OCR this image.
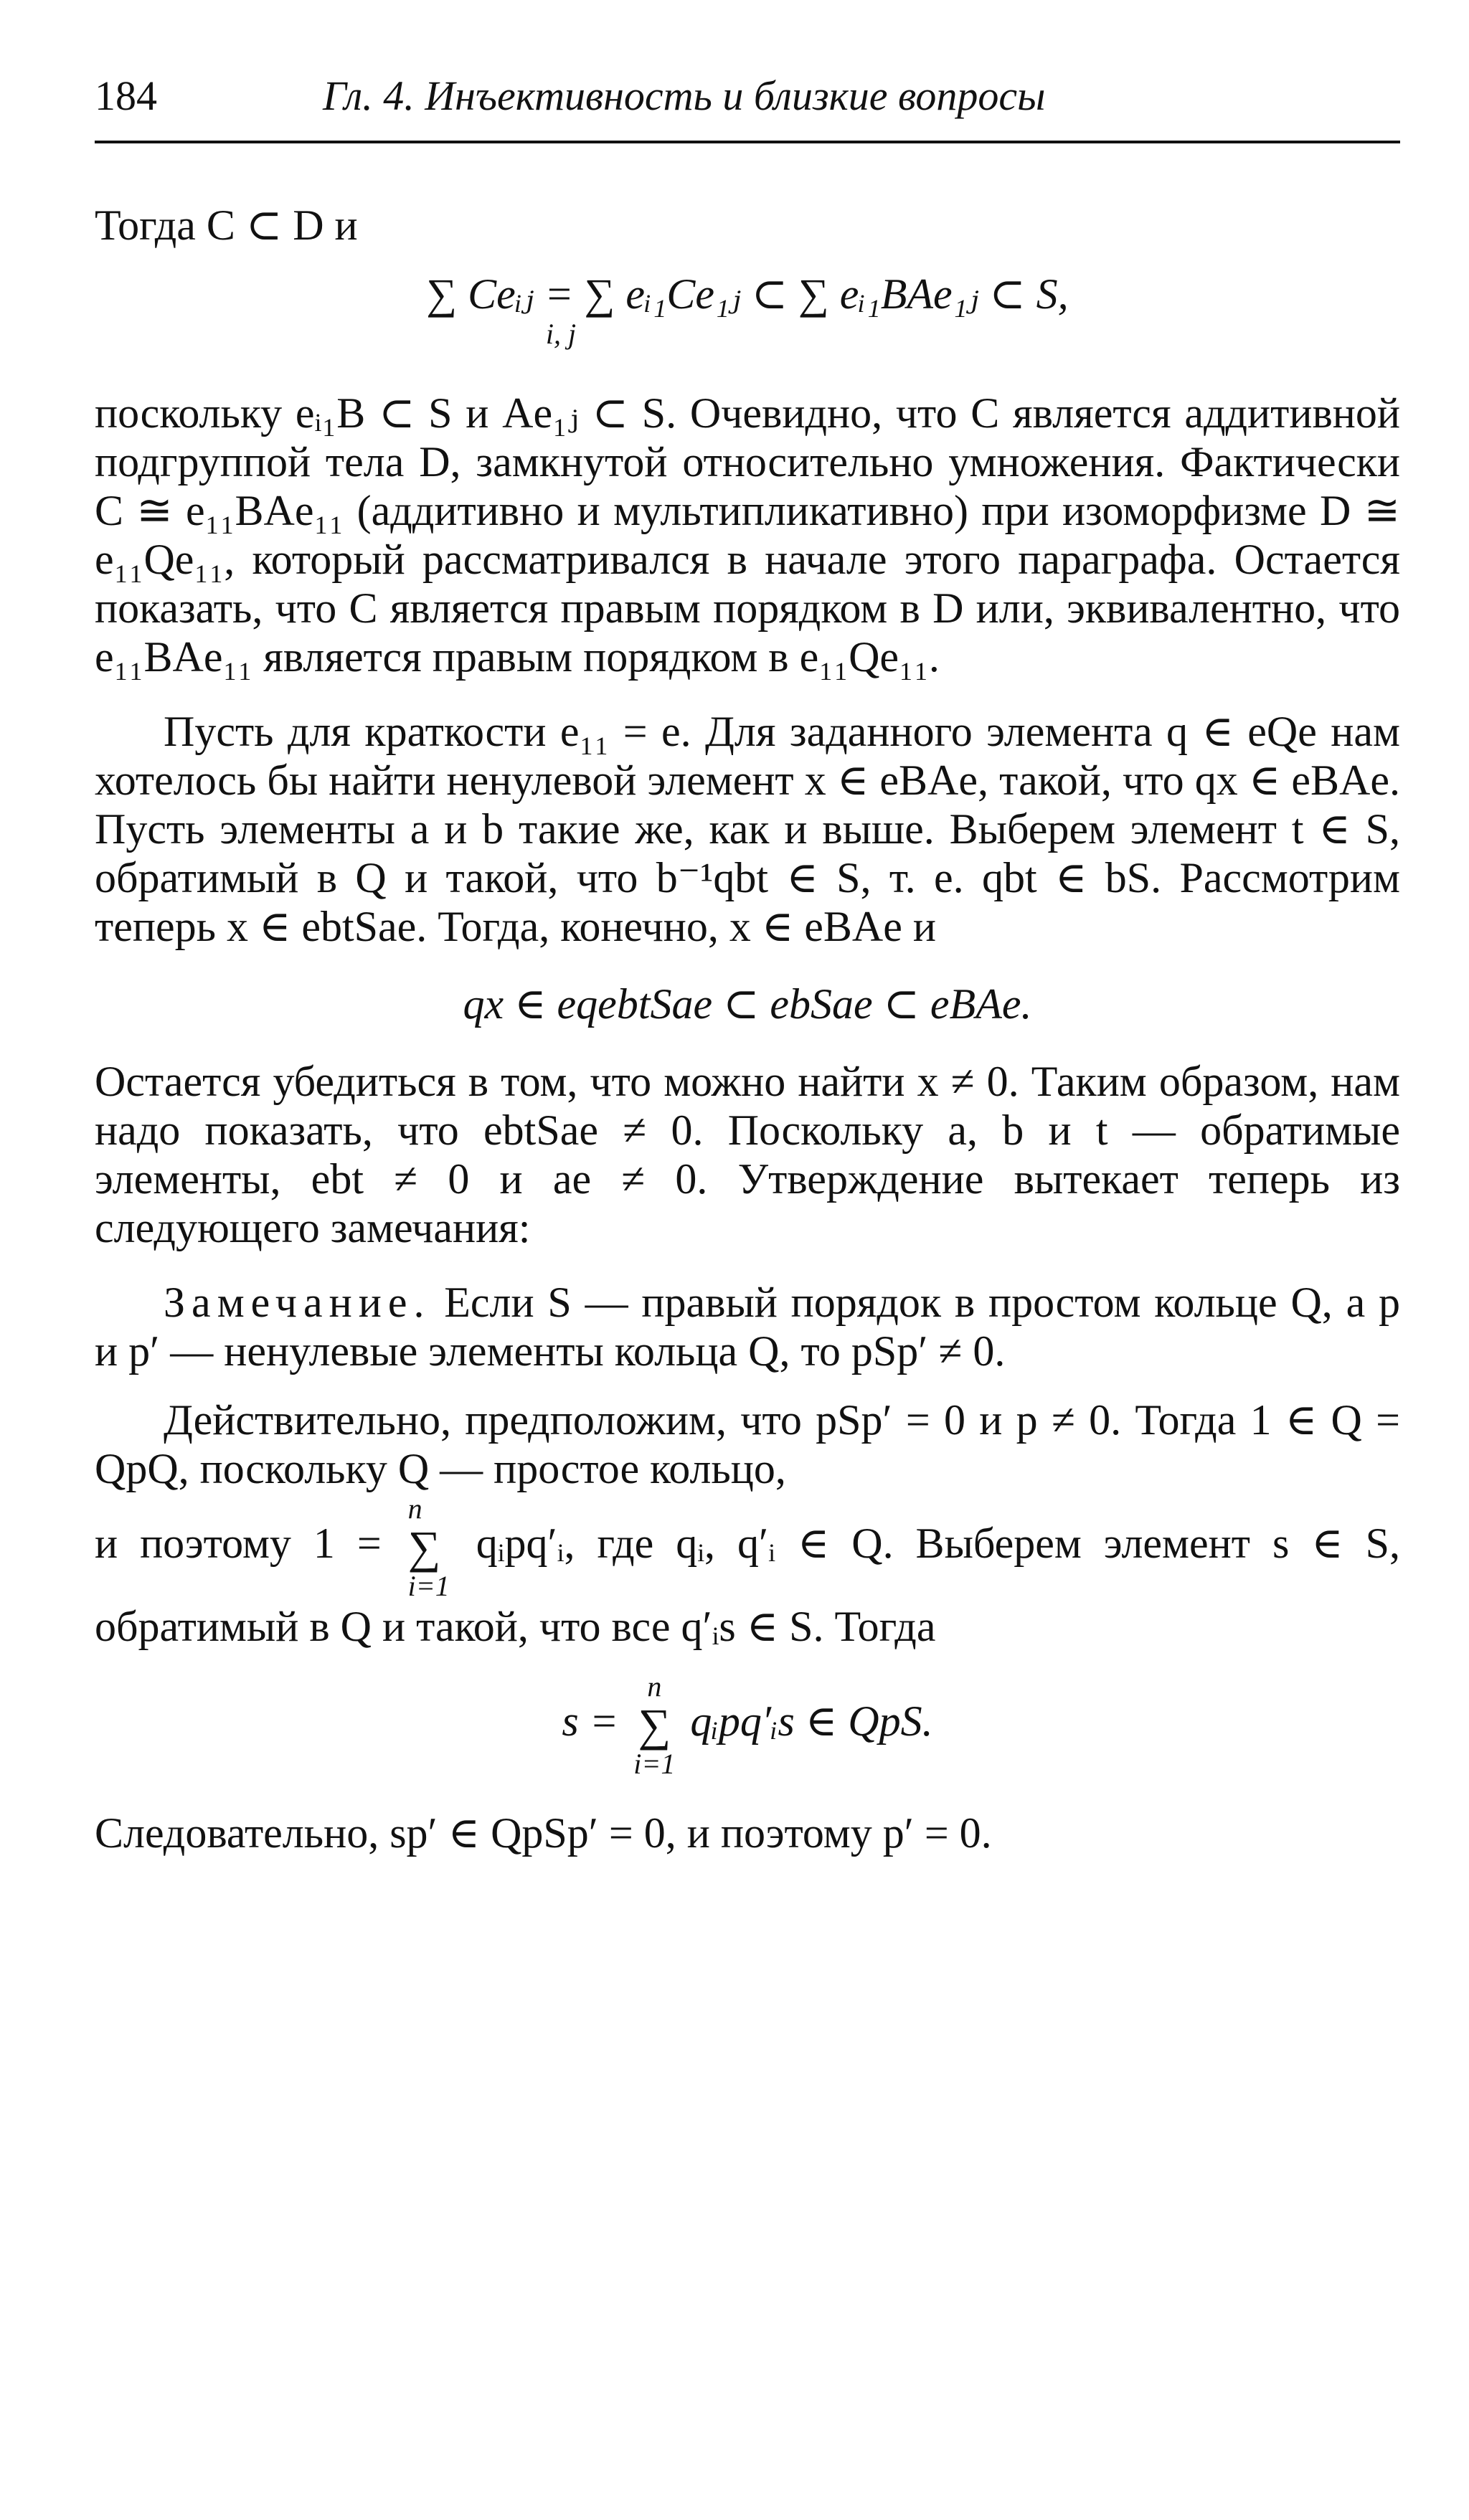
184	Гл. 4. Инъективность и близкие вопросы

Тогда C ⊂ D и

∑ Ceᵢⱼ = ∑ eᵢ₁Ce₁ⱼ ⊂ ∑ eᵢ₁BAe₁ⱼ ⊂ S,

i, j

поскольку eᵢ₁B ⊂ S и Ae₁ⱼ ⊂ S. Очевидно, что C является аддитивной подгруппой тела D, замкнутой относительно умножения. Фактически C ≅ e₁₁BAe₁₁ (аддитивно и мультипликативно) при изоморфизме D ≅ e₁₁Qe₁₁, который рассматривался в начале этого параграфа. Остается показать, что C является правым порядком в D или, эквивалентно, что e₁₁BAe₁₁ является правым порядком в e₁₁Qe₁₁.

Пусть для краткости e₁₁ = e. Для заданного элемента q ∈ eQe нам хотелось бы найти ненулевой элемент x ∈ eBAe, такой, что qx ∈ eBAe. Пусть элементы a и b такие же, как и выше. Выберем элемент t ∈ S, обратимый в Q и такой, что b⁻¹qbt ∈ S, т. е. qbt ∈ bS. Рассмотрим теперь x ∈ ebtSae. Тогда, конечно, x ∈ eBAe и

qx ∈ eqebtSae ⊂ ebSae ⊂ eBAe.

Остается убедиться в том, что можно найти x ≠ 0. Таким образом, нам надо показать, что ebtSae ≠ 0. Поскольку a, b и t — обратимые элементы, ebt ≠ 0 и ae ≠ 0. Утверждение вытекает теперь из следующего замечания:

Замечание. Если S — правый порядок в простом кольце Q, а p и p′ — ненулевые элементы кольца Q, то pSp′ ≠ 0.

Действительно, предположим, что pSp′ = 0 и p ≠ 0. Тогда 1 ∈ Q = QpQ, поскольку Q — простое кольцо,

и поэтому 1 =
n
∑
i=1
qᵢpq′ᵢ, где qᵢ, q′ᵢ ∈ Q. Выберем элемент s ∈ S, обратимый в Q и такой, что все q′ᵢs ∈ S. Тогда

s =
n
∑
i=1
qᵢpq′ᵢs ∈ QpS.

Следовательно, sp′ ∈ QpSp′ = 0, и поэтому p′ = 0.
